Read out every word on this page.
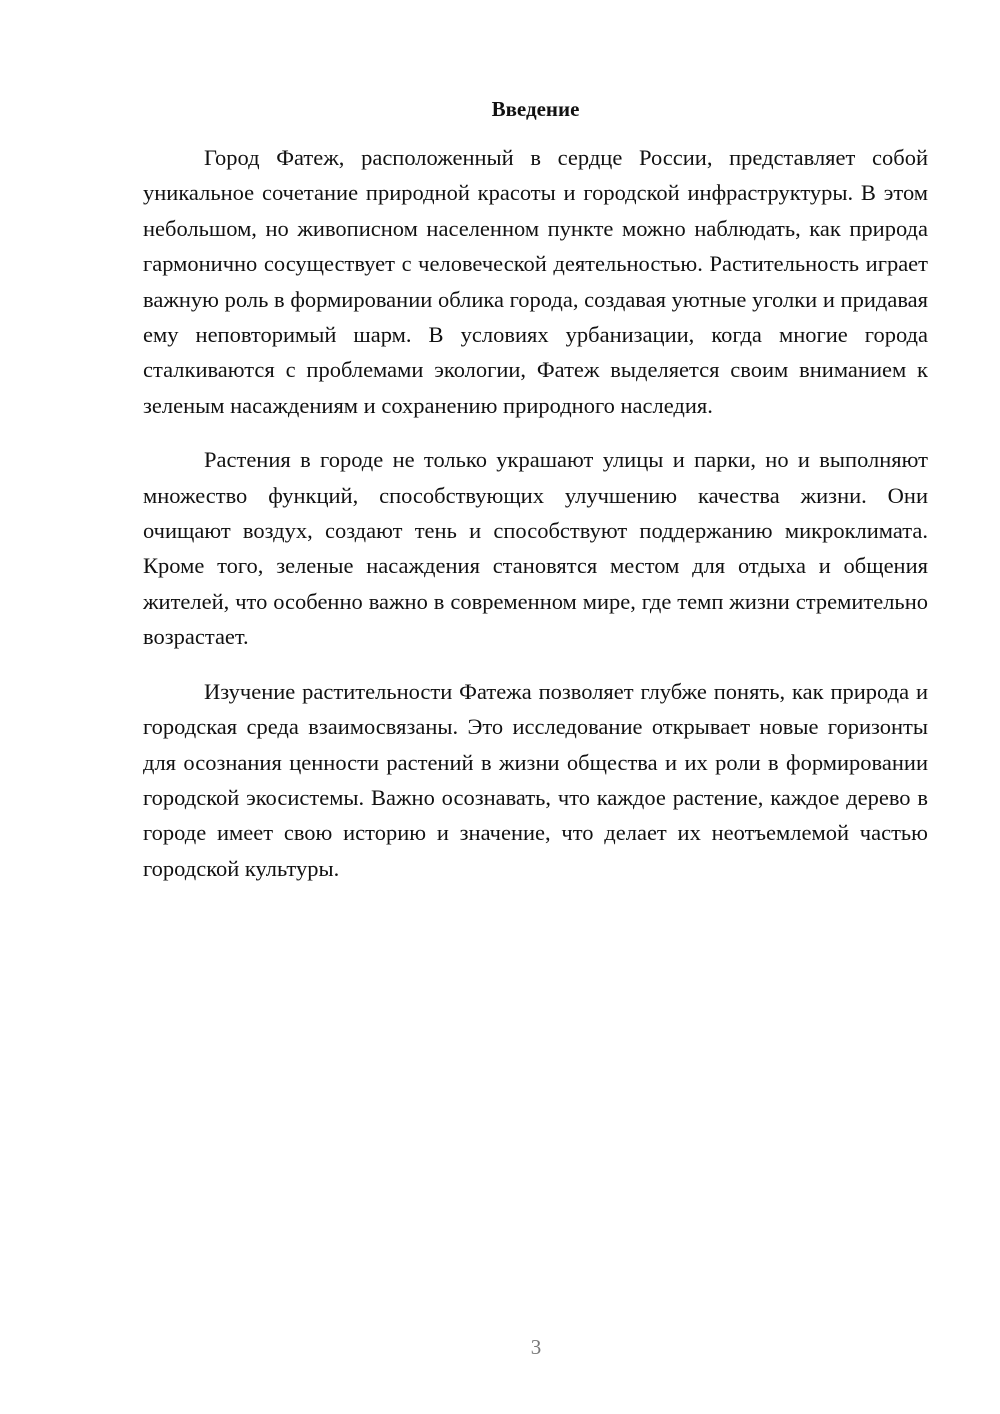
Введение

Город Фатеж, расположенный в сердце России, представляет собой уникальное сочетание природной красоты и городской инфраструктуры. В этом небольшом, но живописном населенном пункте можно наблюдать, как природа гармонично сосуществует с человеческой деятельностью. Растительность играет важную роль в формировании облика города, создавая уютные уголки и придавая ему неповторимый шарм. В условиях урбанизации, когда многие города сталкиваются с проблемами экологии, Фатеж выделяется своим вниманием к зеленым насаждениям и сохранению природного наследия.

Растения в городе не только украшают улицы и парки, но и выполняют множество функций, способствующих улучшению качества жизни. Они очищают воздух, создают тень и способствуют поддержанию микроклимата. Кроме того, зеленые насаждения становятся местом для отдыха и общения жителей, что особенно важно в современном мире, где темп жизни стремительно возрастает.

Изучение растительности Фатежа позволяет глубже понять, как природа и городская среда взаимосвязаны. Это исследование открывает новые горизонты для осознания ценности растений в жизни общества и их роли в формировании городской экосистемы. Важно осознавать, что каждое растение, каждое дерево в городе имеет свою историю и значение, что делает их неотъемлемой частью городской культуры.

3
